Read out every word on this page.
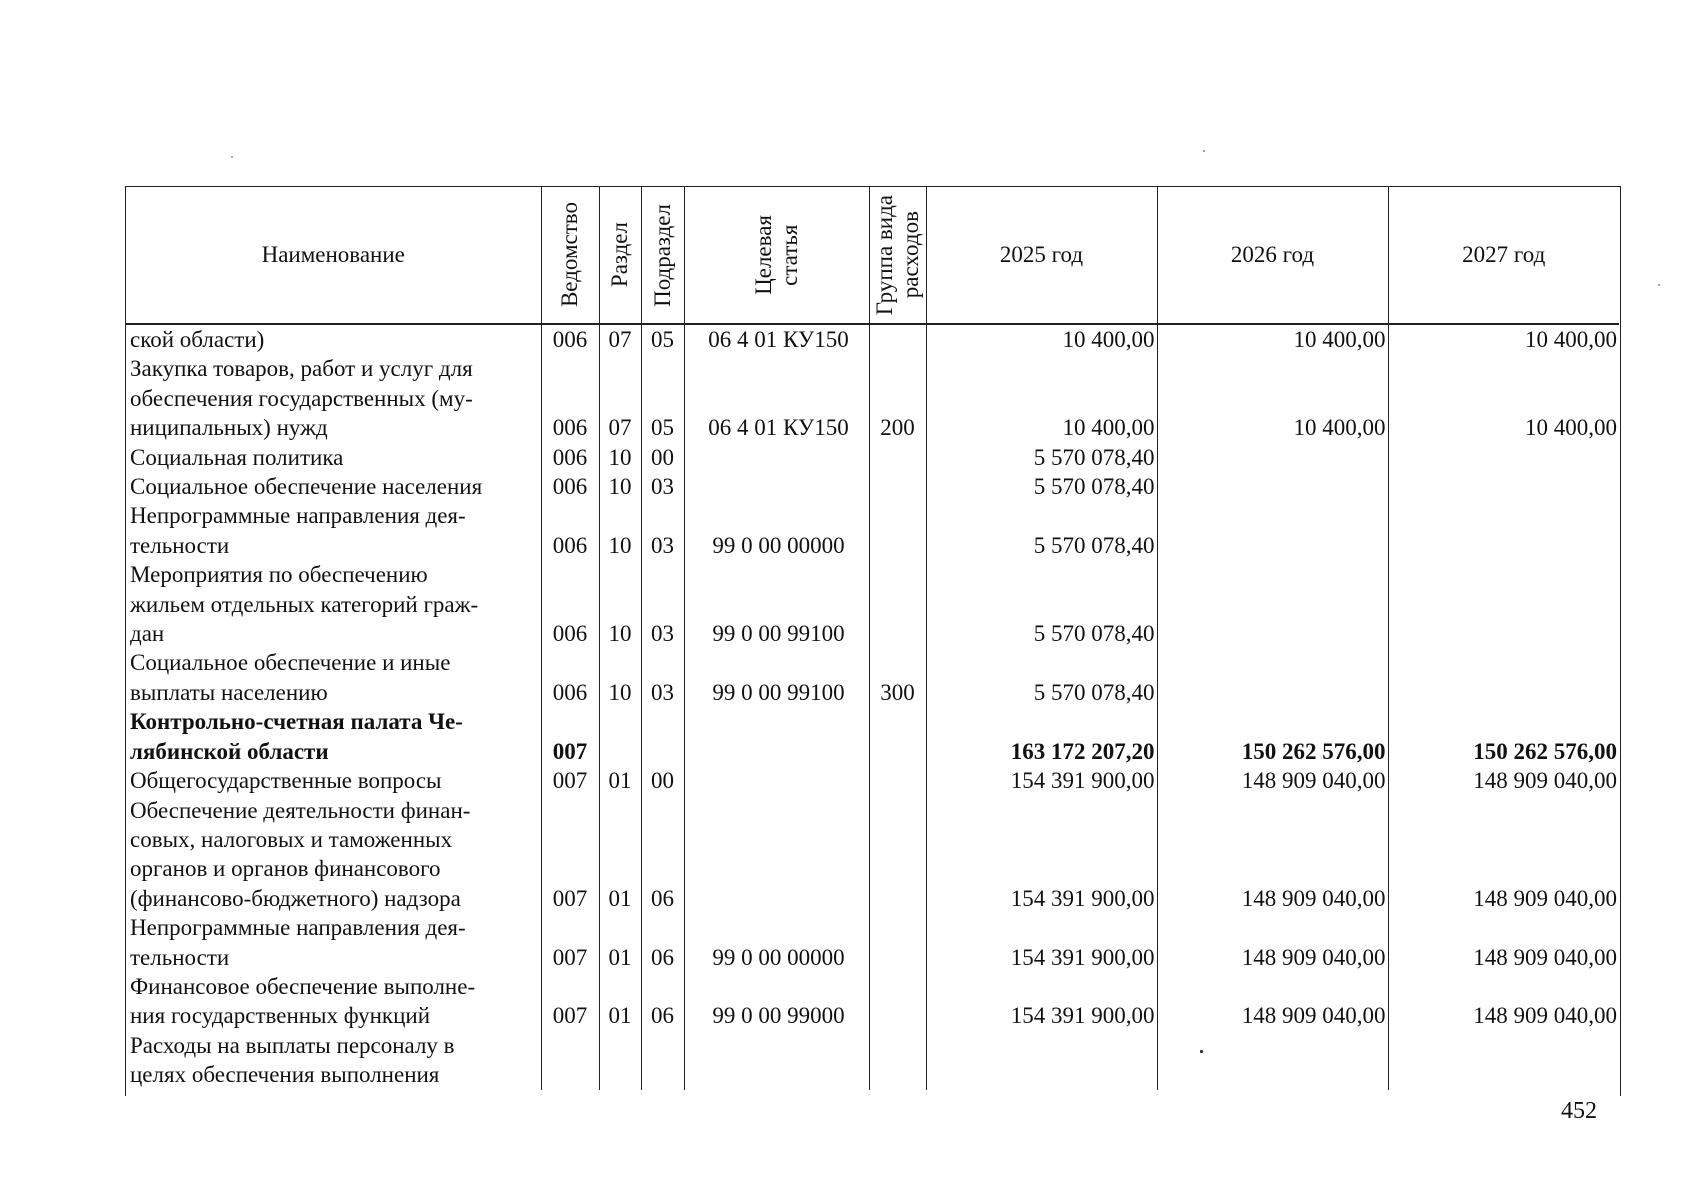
Наименование	Ведомство	Раздел	Подраздел	Целевая
статья	Группа вида
расходов	2025 год	2026 год	2027 год

ской области)	006	07	05	06 4 01 КУ150		10 400,00	10 400,00	10 400,00

Закупка товаров, работ и услуг для
обеспечения государственных (му-
ниципальных) нужд	006	07	05	06 4 01 КУ150	200	10 400,00	10 400,00	10 400,00

Социальная политика	006	10	00			5 570 078,40		

Социальное обеспечение населения	006	10	03			5 570 078,40		

Непрограммные направления дея-
тельности	006	10	03	99 0 00 00000		5 570 078,40		

Мероприятия по обеспечению
жильем отдельных категорий граж-
дан	006	10	03	99 0 00 99100		5 570 078,40		

Социальное обеспечение и иные
выплаты населению	006	10	03	99 0 00 99100	300	5 570 078,40		

Контрольно-счетная палата Че-
лябинской области	007					163 172 207,20	150 262 576,00	150 262 576,00

Общегосударственные вопросы	007	01	00			154 391 900,00	148 909 040,00	148 909 040,00

Обеспечение деятельности финан-
совых, налоговых и таможенных
органов и органов финансового
(финансово-бюджетного) надзора	007	01	06			154 391 900,00	148 909 040,00	148 909 040,00

Непрограммные направления дея-
тельности	007	01	06	99 0 00 00000		154 391 900,00	148 909 040,00	148 909 040,00

Финансовое обеспечение выполне-
ния государственных функций	007	01	06	99 0 00 99000		154 391 900,00	148 909 040,00	148 909 040,00

Расходы на выплаты персоналу в
целях обеспечения выполнения								

452
